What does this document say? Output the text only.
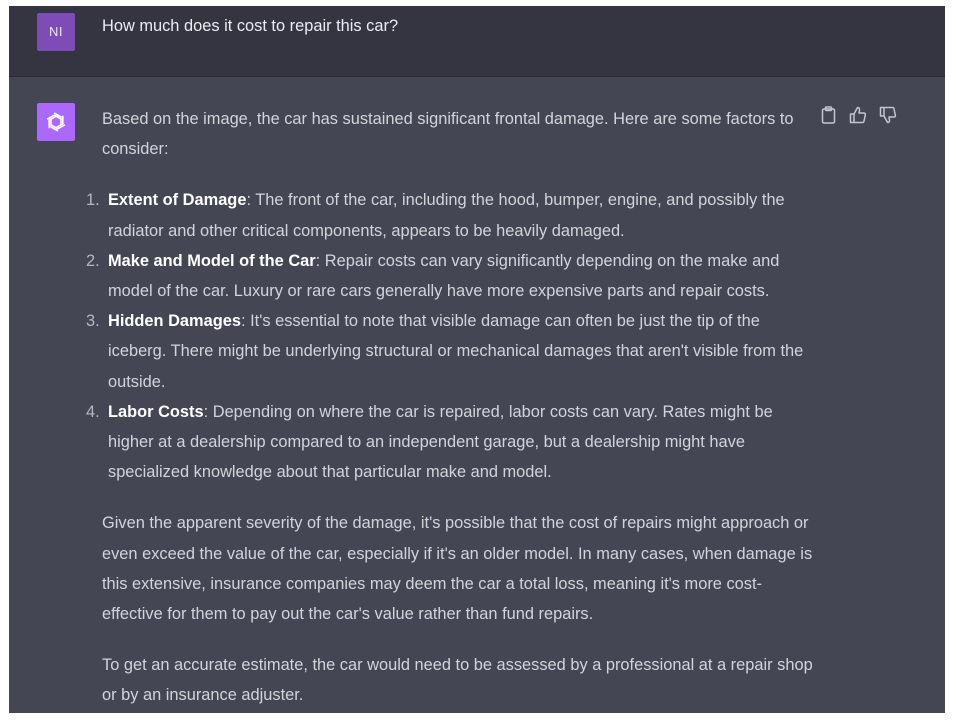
NI	How much does it cost to repair this car?

Based on the image, the car has sustained significant frontal damage. Here are some factors to consider:

1. Extent of Damage: The front of the car, including the hood, bumper, engine, and possibly the radiator and other critical components, appears to be heavily damaged.
2. Make and Model of the Car: Repair costs can vary significantly depending on the make and model of the car. Luxury or rare cars generally have more expensive parts and repair costs.
3. Hidden Damages: It's essential to note that visible damage can often be just the tip of the iceberg. There might be underlying structural or mechanical damages that aren't visible from the outside.
4. Labor Costs: Depending on where the car is repaired, labor costs can vary. Rates might be higher at a dealership compared to an independent garage, but a dealership might have specialized knowledge about that particular make and model.

Given the apparent severity of the damage, it's possible that the cost of repairs might approach or even exceed the value of the car, especially if it's an older model. In many cases, when damage is this extensive, insurance companies may deem the car a total loss, meaning it's more cost-effective for them to pay out the car's value rather than fund repairs.

To get an accurate estimate, the car would need to be assessed by a professional at a repair shop or by an insurance adjuster.
